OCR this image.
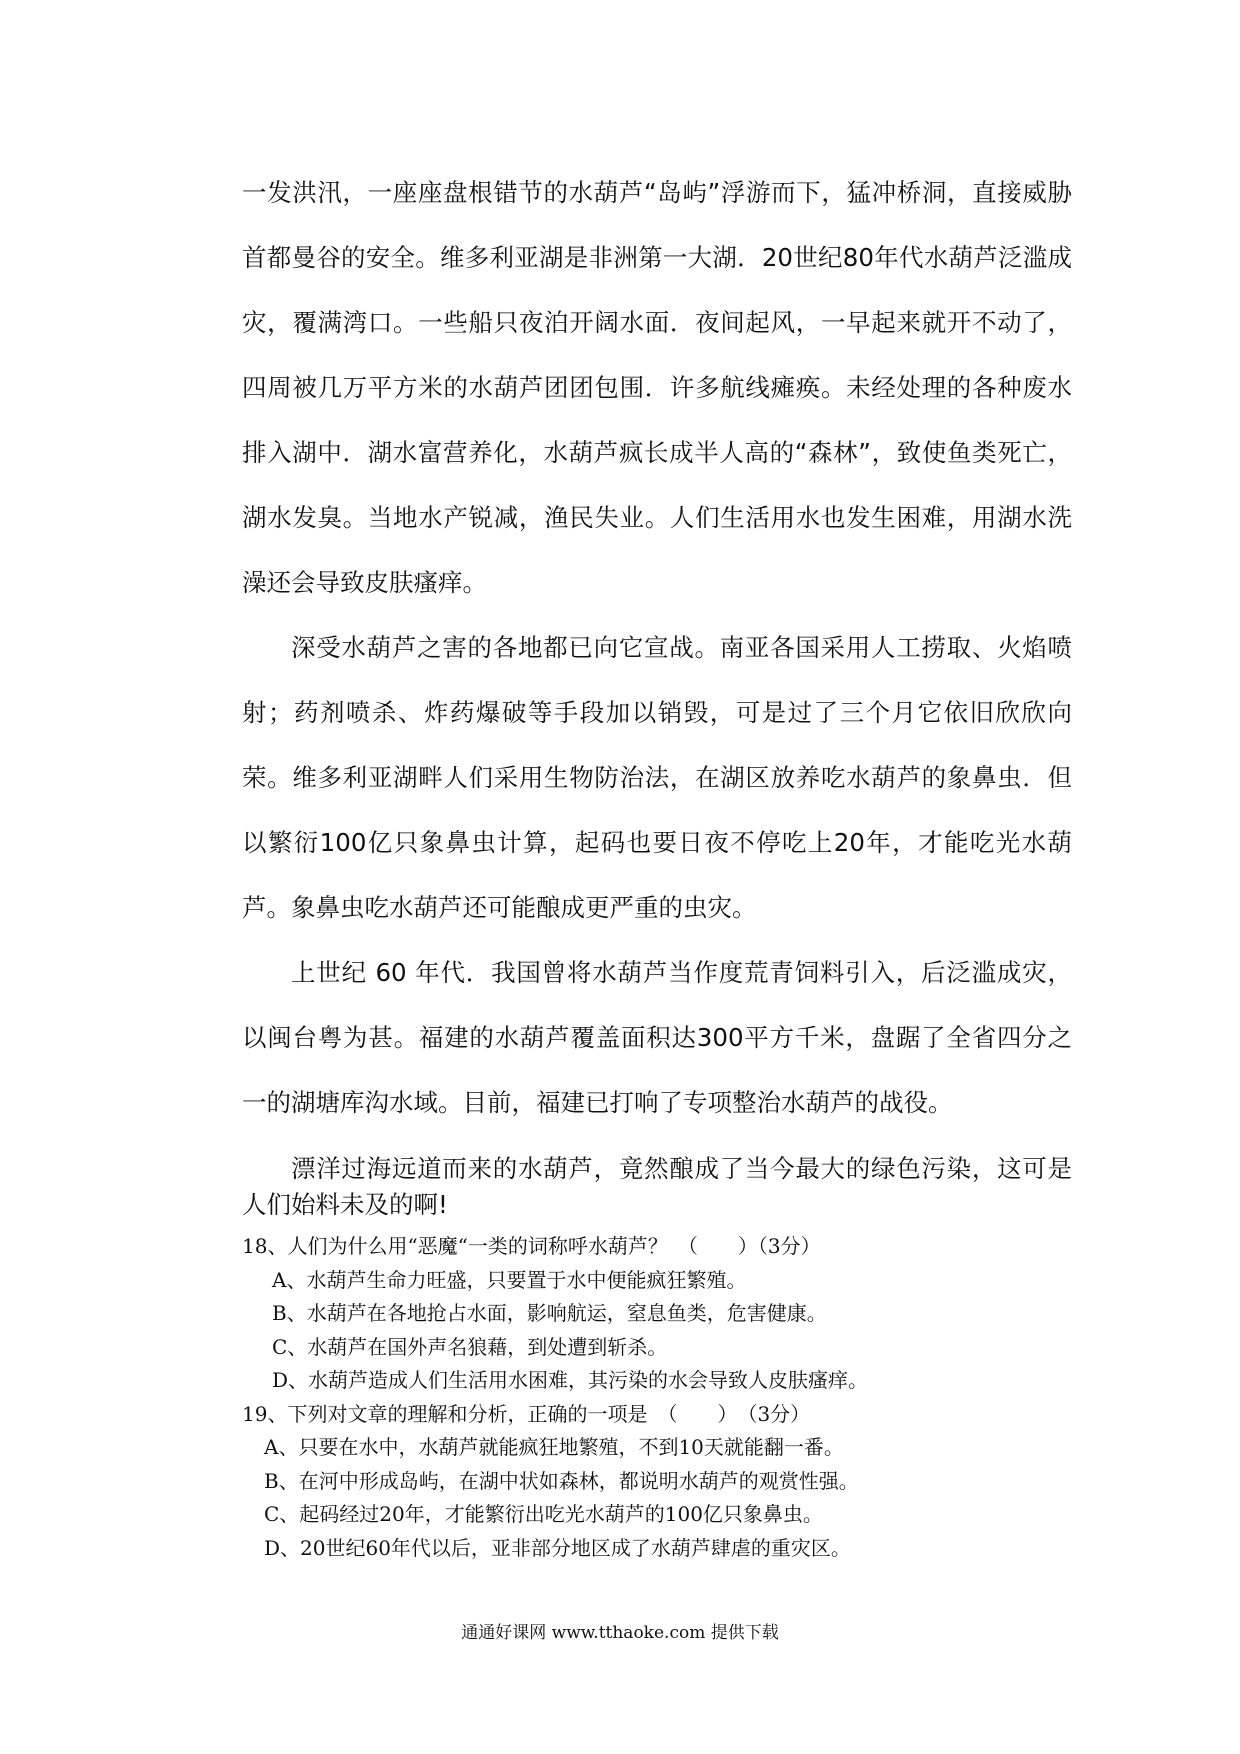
一发洪汛，一座座盘根错节的水葫芦“岛屿”浮游而下，猛冲桥洞，直接威胁首都曼谷的安全。维多利亚湖是非洲第一大湖．20世纪80年代水葫芦泛滥成灾，覆满湾口。一些船只夜泊开阔水面．夜间起风，一早起来就开不动了，四周被几万平方米的水葫芦团团包围．许多航线瘫痪。未经处理的各种废水排入湖中．湖水富营养化，水葫芦疯长成半人高的“森林”，致使鱼类死亡，湖水发臭。当地水产锐减，渔民失业。人们生活用水也发生困难，用湖水洗澡还会导致皮肤瘙痒。

深受水葫芦之害的各地都已向它宣战。南亚各国采用人工捞取、火焰喷射；药剂喷杀、炸药爆破等手段加以销毁，可是过了三个月它依旧欣欣向荣。维多利亚湖畔人们采用生物防治法，在湖区放养吃水葫芦的象鼻虫．但以繁衍100亿只象鼻虫计算，起码也要日夜不停吃上20年，才能吃光水葫芦。象鼻虫吃水葫芦还可能酿成更严重的虫灾。

上世纪 60 年代．我国曾将水葫芦当作度荒青饲料引入，后泛滥成灾，以闽台粤为甚。福建的水葫芦覆盖面积达300平方千米，盘踞了全省四分之一的湖塘库沟水域。目前，福建已打响了专项整治水葫芦的战役。

漂洋过海远道而来的水葫芦，竟然酿成了当今最大的绿色污染，这可是人们始料未及的啊!

18、人们为什么用“恶魔“一类的词称呼水葫芦？　（　　）（3分）

A、水葫芦生命力旺盛，只要置于水中便能疯狂繁殖。

B、水葫芦在各地抢占水面，影响航运，窒息鱼类，危害健康。

C、水葫芦在国外声名狼藉，到处遭到斩杀。

D、水葫芦造成人们生活用水困难，其污染的水会导致人皮肤瘙痒。

19、下列对文章的理解和分析，正确的一项是　（　　）　（3分）

A、只要在水中，水葫芦就能疯狂地繁殖，不到10天就能翻一番。

B、在河中形成岛屿，在湖中状如森林，都说明水葫芦的观赏性强。

C、起码经过20年，才能繁衍出吃光水葫芦的100亿只象鼻虫。

D、20世纪60年代以后，亚非部分地区成了水葫芦肆虐的重灾区。

通通好课网 www.tthaoke.com 提供下载
